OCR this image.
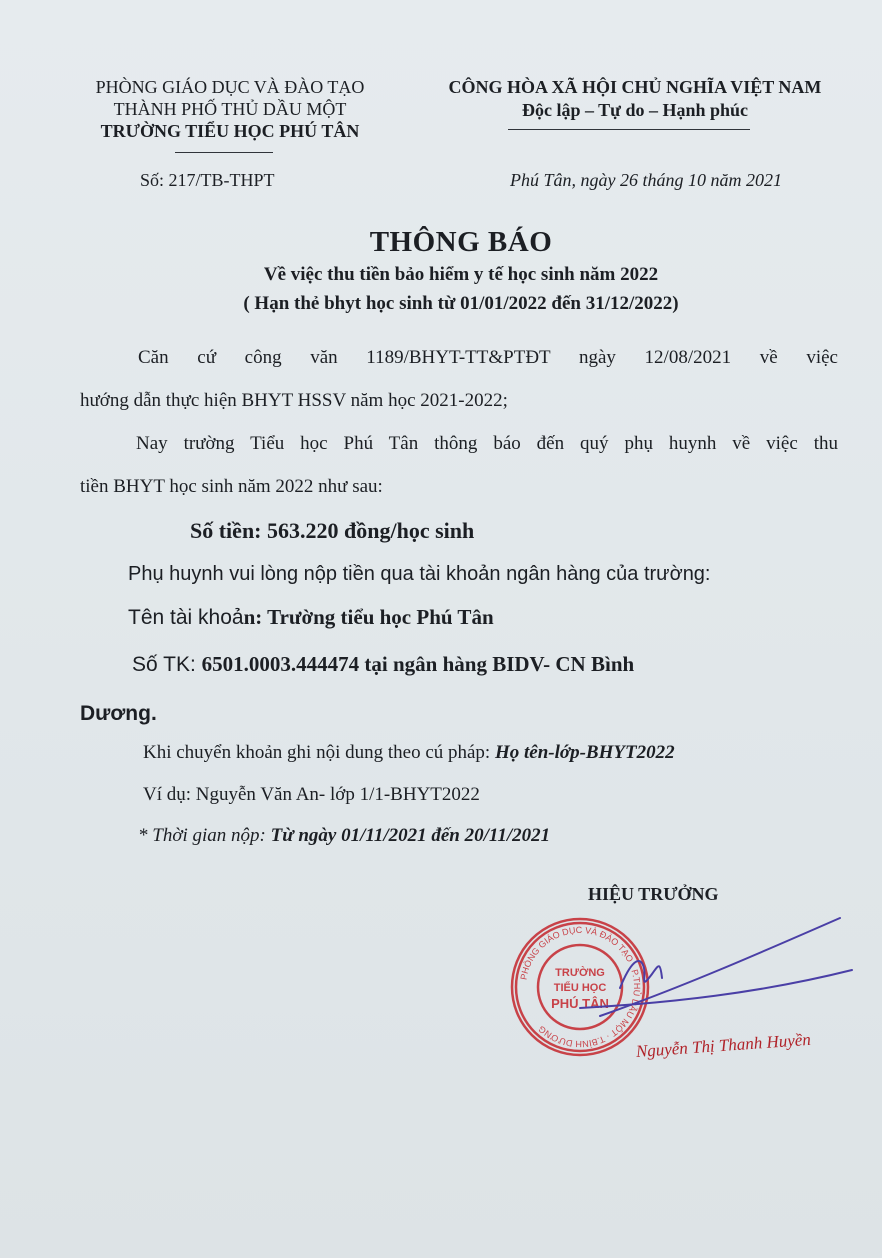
PHÒNG GIÁO DỤC VÀ ĐÀO TẠO
THÀNH PHỐ THỦ DẦU MỘT
TRƯỜNG TIỂU HỌC PHÚ TÂN
CÔNG HÒA XÃ HỘI CHỦ NGHĨA VIỆT NAM
Độc lập – Tự do – Hạnh phúc
Số: 217/TB-THPT	Phú Tân, ngày 26 tháng 10 năm 2021
THÔNG BÁO
Về việc thu tiền bảo hiểm y tế học sinh năm 2022
( Hạn thẻ bhyt học sinh từ 01/01/2022 đến 31/12/2022)
Căn cứ công văn 1189/BHYT-TT&PTĐT ngày 12/08/2021 về việc
hướng dẫn thực hiện BHYT HSSV năm học 2021-2022;
Nay trường Tiểu học Phú Tân thông báo đến quý phụ huynh về việc thu
tiền BHYT học sinh năm 2022 như sau:
Số tiền: 563.220 đồng/học sinh
Phụ huynh vui lòng nộp tiền qua tài khoản ngân hàng của trường:
Tên tài khoản: Trường tiểu học Phú Tân
Số TK: 6501.0003.444474 tại ngân hàng BIDV- CN Bình
Dương.
Khi chuyển khoản ghi nội dung theo cú pháp: Họ tên-lớp-BHYT2022
Ví dụ: Nguyễn Văn An- lớp 1/1-BHYT2022
* Thời gian nộp: Từ ngày 01/11/2021 đến 20/11/2021
HIỆU TRƯỞNG
PHÒNG GIÁO DỤC VÀ ĐÀO TẠO · P.THỦ DẦU MỘT · T.BÌNH DƯƠNG
TRƯỜNG
TIỂU HỌC
PHÚ TÂN
Nguyễn Thị Thanh Huyền
